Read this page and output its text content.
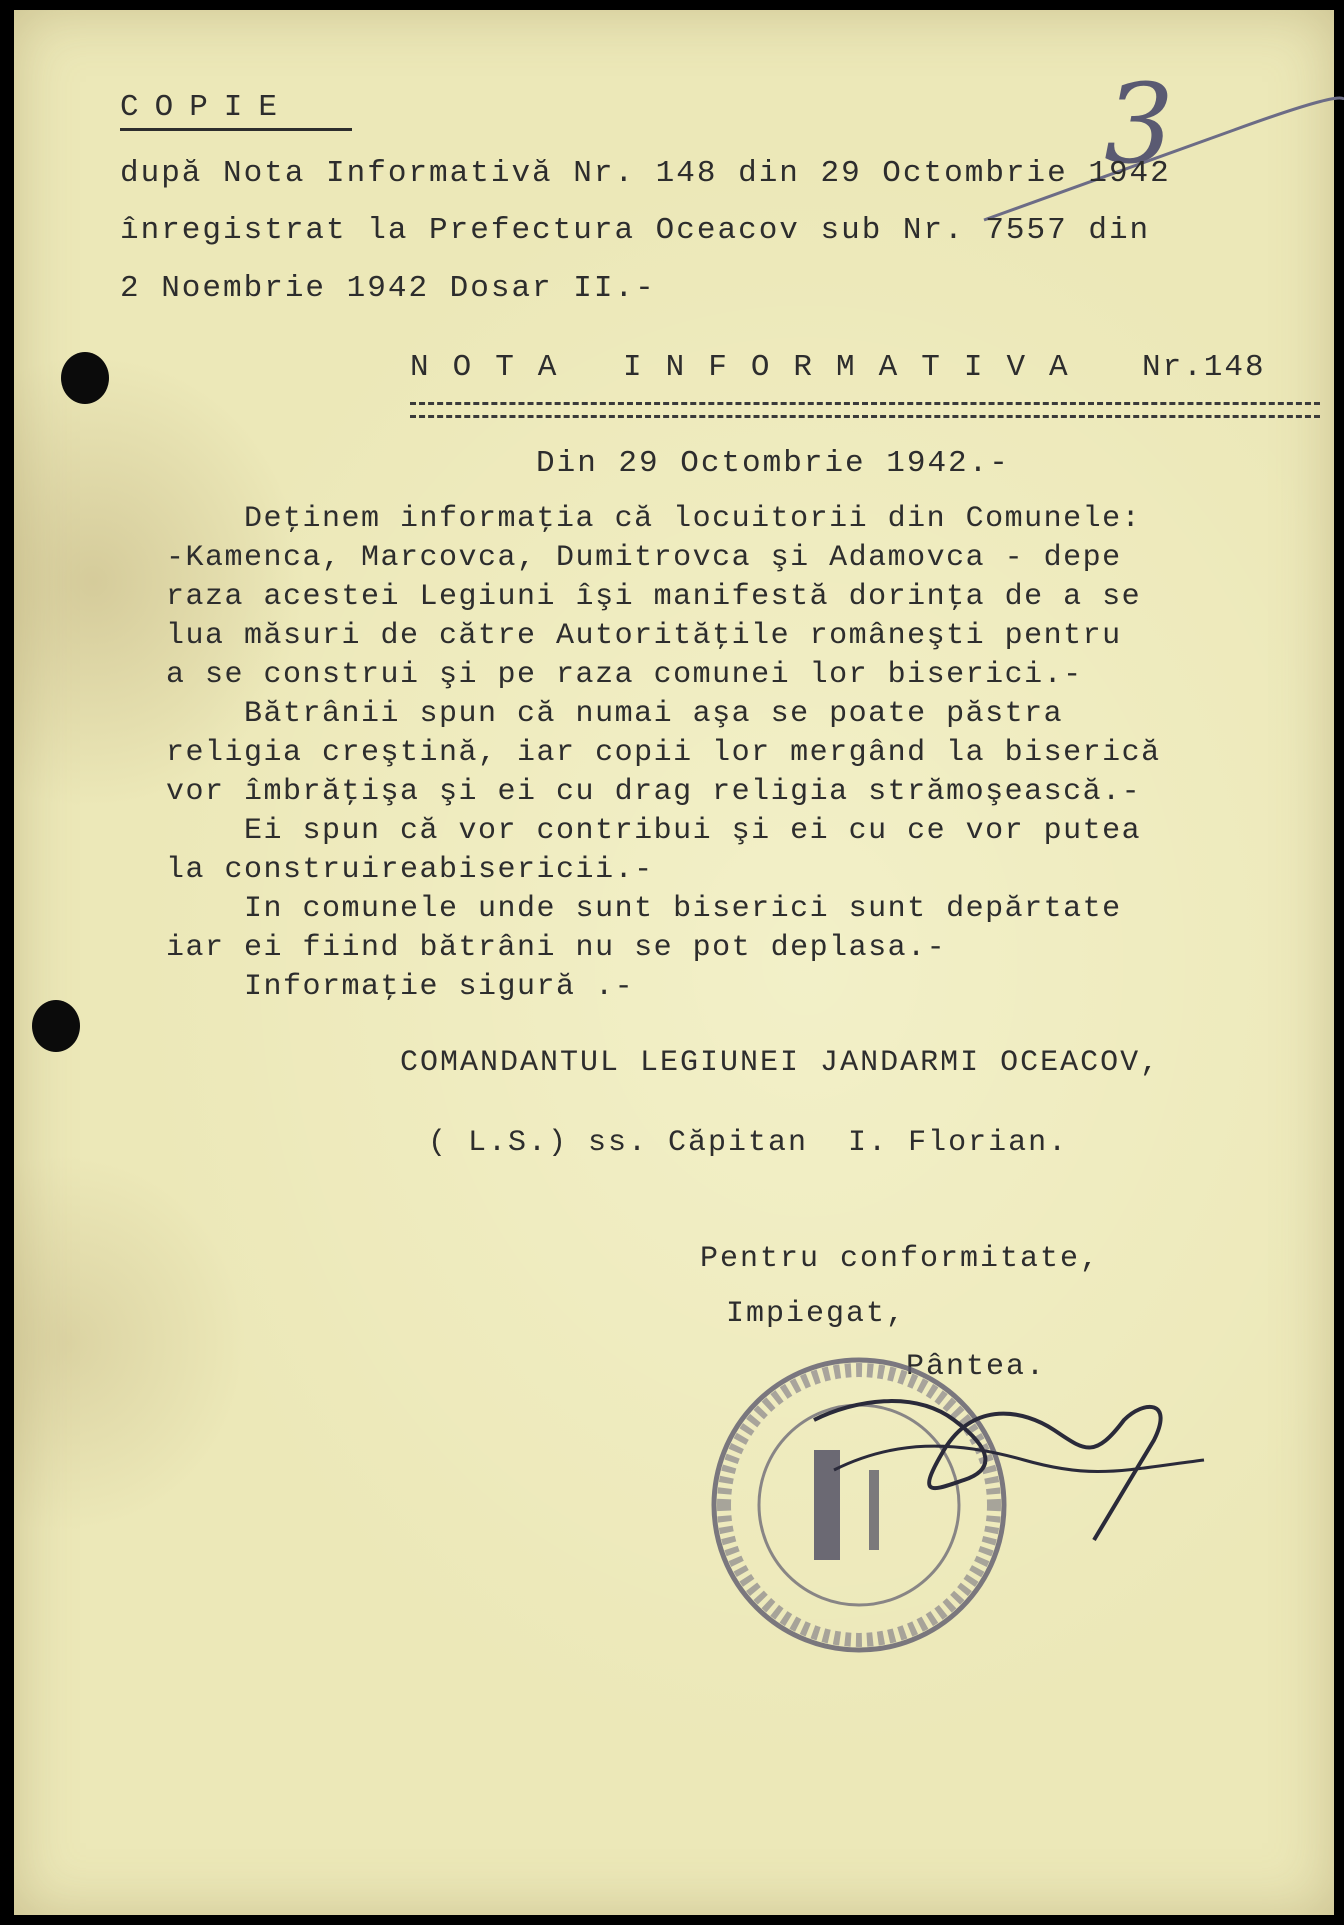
3
COPIE
după Nota Informativă Nr. 148 din 29 Octombrie 1942
înregistrat la Prefectura Oceacov sub Nr. 7557 din
2 Noembrie 1942 Dosar II.-
NOTA INFORMATIVA Nr.148
Din 29 Octombrie 1942.-
Deţinem informaţia că locuitorii din Comunele:
-Kamenca, Marcovca, Dumitrovca şi Adamovca - depe
raza acestei Legiuni îşi manifestă dorinţa de a se
lua măsuri de către Autorităţile româneşti pentru
a se construi şi pe raza comunei lor biserici.-
Bătrânii spun că numai aşa se poate păstra
religia creştină, iar copii lor mergând la biserică
vor îmbrăţişa şi ei cu drag religia strămoşească.-
Ei spun că vor contribui şi ei cu ce vor putea
la construireabisericii.-
In comunele unde sunt biserici sunt depărtate
iar ei fiind bătrâni nu se pot deplasa.-
Informaţie sigură .-
COMANDANTUL LEGIUNEI JANDARMI OCEACOV,
( L.S.) ss. Căpitan  I. Florian.
Pentru conformitate,
Impiegat,
Pântea.
